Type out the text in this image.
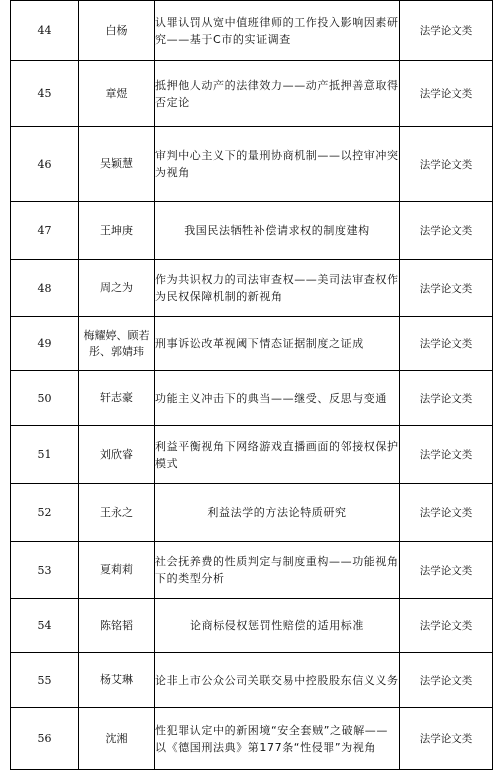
44	白杨	认罪认罚从宽中值班律师的工作投入影响因素研究——基于C市的实证调查	法学论文类
45	章煜	抵押他人动产的法律效力——动产抵押善意取得否定论	法学论文类
46	吴颖慧	审判中心主义下的量刑协商机制——以控审冲突为视角	法学论文类
47	王坤庚	我国民法牺牲补偿请求权的制度建构	法学论文类
48	周之为	作为共识权力的司法审查权——美司法审查权作为民权保障机制的新视角	法学论文类
49	梅耀婷、顾若彤、郭婧玮	刑事诉讼改革视阈下情态证据制度之证成	法学论文类
50	轩志豪	功能主义冲击下的典当——继受、反思与变通	法学论文类
51	刘欣睿	利益平衡视角下网络游戏直播画面的邻接权保护模式	法学论文类
52	王永之	利益法学的方法论特质研究	法学论文类
53	夏莉莉	社会抚养费的性质判定与制度重构——功能视角下的类型分析	法学论文类
54	陈铭韬	论商标侵权惩罚性赔偿的适用标准	法学论文类
55	杨艾琳	论非上市公众公司关联交易中控股股东信义义务	法学论文类
56	沈湘	性犯罪认定中的新困境“安全套贼”之破解——以《德国刑法典》第177条“性侵罪”为视角	法学论文类
